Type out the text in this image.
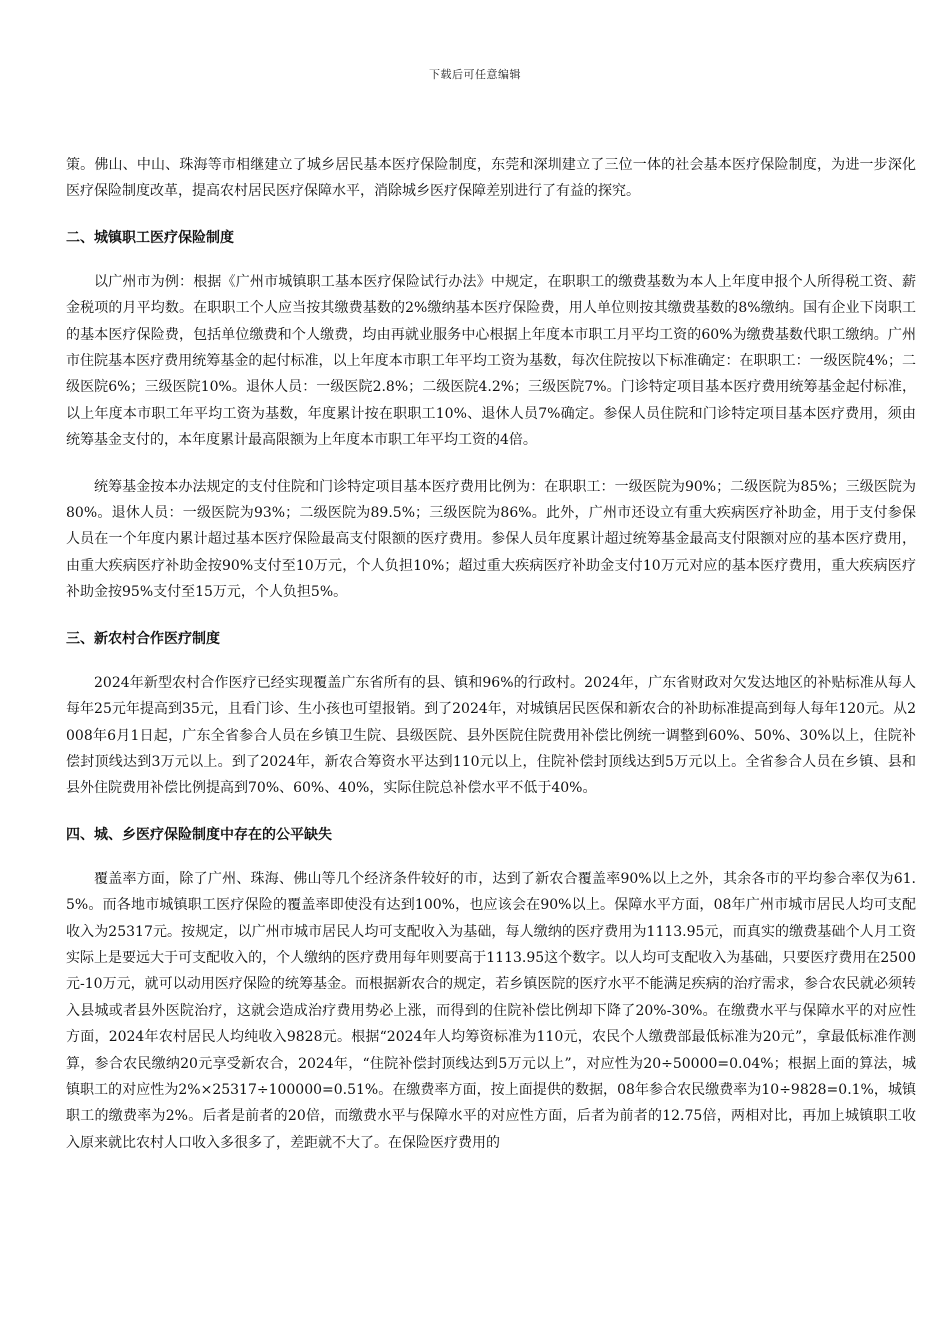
下载后可任意编辑

策。佛山、中山、珠海等市相继建立了城乡居民基本医疗保险制度，东莞和深圳建立了三位一体的社会基本医疗保险制度，为进一步深化医疗保险制度改革，提高农村居民医疗保障水平，消除城乡医疗保障差别进行了有益的探究。

二、城镇职工医疗保险制度

以广州市为例：根据《广州市城镇职工基本医疗保险试行办法》中规定，在职职工的缴费基数为本人上年度申报个人所得税工资、薪金税项的月平均数。在职职工个人应当按其缴费基数的2%缴纳基本医疗保险费，用人单位则按其缴费基数的8%缴纳。国有企业下岗职工的基本医疗保险费，包括单位缴费和个人缴费，均由再就业服务中心根据上年度本市职工月平均工资的60%为缴费基数代职工缴纳。广州市住院基本医疗费用统筹基金的起付标准，以上年度本市职工年平均工资为基数，每次住院按以下标准确定：在职职工：一级医院4%；二级医院6%；三级医院10%。退休人员：一级医院2.8%；二级医院4.2%；三级医院7%。门诊特定项目基本医疗费用统筹基金起付标准，以上年度本市职工年平均工资为基数，年度累计按在职职工10%、退休人员7%确定。参保人员住院和门诊特定项目基本医疗费用，须由统筹基金支付的，本年度累计最高限额为上年度本市职工年平均工资的4倍。

统筹基金按本办法规定的支付住院和门诊特定项目基本医疗费用比例为：在职职工：一级医院为90%；二级医院为85%；三级医院为80%。退休人员：一级医院为93%；二级医院为89.5%；三级医院为86%。此外，广州市还设立有重大疾病医疗补助金，用于支付参保人员在一个年度内累计超过基本医疗保险最高支付限额的医疗费用。参保人员年度累计超过统筹基金最高支付限额对应的基本医疗费用，由重大疾病医疗补助金按90%支付至10万元，个人负担10%；超过重大疾病医疗补助金支付10万元对应的基本医疗费用，重大疾病医疗补助金按95%支付至15万元，个人负担5%。

三、新农村合作医疗制度

2024年新型农村合作医疗已经实现覆盖广东省所有的县、镇和96%的行政村。2024年，广东省财政对欠发达地区的补贴标准从每人每年25元年提高到35元，且看门诊、生小孩也可望报销。到了2024年，对城镇居民医保和新农合的补助标准提高到每人每年120元。从2008年6月1日起，广东全省参合人员在乡镇卫生院、县级医院、县外医院住院费用补偿比例统一调整到60%、50%、30%以上，住院补偿封顶线达到3万元以上。到了2024年，新农合筹资水平达到110元以上，住院补偿封顶线达到5万元以上。全省参合人员在乡镇、县和县外住院费用补偿比例提高到70%、60%、40%，实际住院总补偿水平不低于40%。

四、城、乡医疗保险制度中存在的公平缺失

覆盖率方面，除了广州、珠海、佛山等几个经济条件较好的市，达到了新农合覆盖率90%以上之外，其余各市的平均参合率仅为61.5%。而各地市城镇职工医疗保险的覆盖率即使没有达到100%，也应该会在90%以上。保障水平方面，08年广州市城市居民人均可支配收入为25317元。按规定，以广州市城市居民人均可支配收入为基础，每人缴纳的医疗费用为1113.95元，而真实的缴费基础个人月工资实际上是要远大于可支配收入的，个人缴纳的医疗费用每年则要高于1113.95这个数字。以人均可支配收入为基础，只要医疗费用在2500元-10万元，就可以动用医疗保险的统筹基金。而根据新农合的规定，若乡镇医院的医疗水平不能满足疾病的治疗需求，参合农民就必须转入县城或者县外医院治疗，这就会造成治疗费用势必上涨，而得到的住院补偿比例却下降了20%-30%。在缴费水平与保障水平的对应性方面，2024年农村居民人均纯收入9828元。根据“2024年人均筹资标准为110元，农民个人缴费部最低标准为20元”，拿最低标准作测算，参合农民缴纳20元享受新农合，2024年，“住院补偿封顶线达到5万元以上”，对应性为20÷50000=0.04%；根据上面的算法，城镇职工的对应性为2%×25317÷100000=0.51%。在缴费率方面，按上面提供的数据，08年参合农民缴费率为10÷9828=0.1%，城镇职工的缴费率为2%。后者是前者的20倍，而缴费水平与保障水平的对应性方面，后者为前者的12.75倍，两相对比，再加上城镇职工收入原来就比农村人口收入多很多了，差距就不大了。在保险医疗费用的
